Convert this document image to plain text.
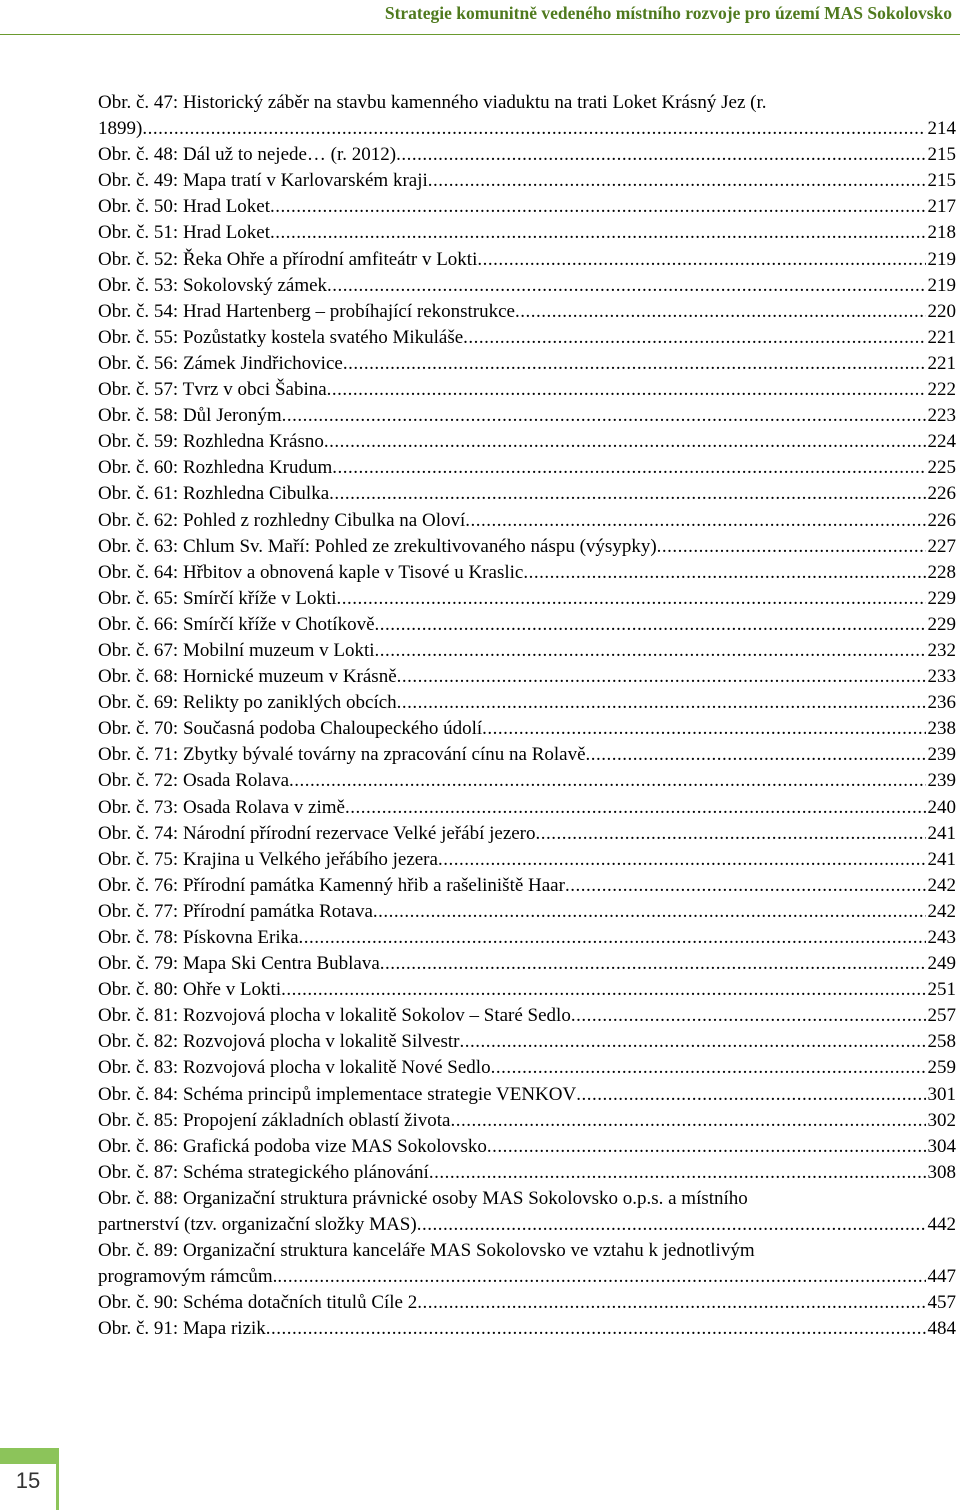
Strategie komunitně vedeného místního rozvoje pro území MAS Sokolovsko
Obr. č. 47: Historický záběr na stavbu kamenného viaduktu na trati Loket Krásný Jez (r.
1899) .....	214
Obr. č. 48: Dál už to nejede… (r. 2012) .....	215
Obr. č. 49: Mapa tratí v Karlovarském kraji .....	215
Obr. č. 50: Hrad Loket .....	217
Obr. č. 51: Hrad Loket .....	218
Obr. č. 52: Řeka Ohře a přírodní amfiteátr v Lokti .....	219
Obr. č. 53: Sokolovský zámek .....	219
Obr. č. 54: Hrad Hartenberg – probíhající rekonstrukce .....	220
Obr. č. 55: Pozůstatky kostela svatého Mikuláše .....	221
Obr. č. 56: Zámek Jindřichovice .....	221
Obr. č. 57: Tvrz v obci Šabina .....	222
Obr. č. 58: Důl Jeroným .....	223
Obr. č. 59: Rozhledna Krásno .....	224
Obr. č. 60: Rozhledna Krudum .....	225
Obr. č. 61: Rozhledna Cibulka .....	226
Obr. č. 62: Pohled z rozhledny Cibulka na Oloví .....	226
Obr. č. 63: Chlum Sv. Maří: Pohled ze zrekultivovaného náspu (výsypky) .....	227
Obr. č. 64: Hřbitov a obnovená kaple v Tisové u Kraslic .....	228
Obr. č. 65: Smírčí kříže v Lokti .....	229
Obr. č. 66: Smírčí kříže v Chotíkově .....	229
Obr. č. 67: Mobilní muzeum v Lokti .....	232
Obr. č. 68: Hornické muzeum v Krásně .....	233
Obr. č. 69: Relikty po zaniklých obcích .....	236
Obr. č. 70: Současná podoba Chaloupeckého údolí .....	238
Obr. č. 71: Zbytky bývalé továrny na zpracování cínu na Rolavě .....	239
Obr. č. 72: Osada Rolava .....	239
Obr. č. 73: Osada Rolava v zimě .....	240
Obr. č. 74: Národní přírodní rezervace Velké jeřábí jezero .....	241
Obr. č. 75: Krajina u Velkého jeřábího jezera .....	241
Obr. č. 76: Přírodní památka Kamenný hřib a rašeliniště Haar .....	242
Obr. č. 77: Přírodní památka Rotava .....	242
Obr. č. 78: Pískovna Erika .....	243
Obr. č. 79: Mapa Ski Centra Bublava .....	249
Obr. č. 80: Ohře v Lokti .....	251
Obr. č. 81: Rozvojová plocha v lokalitě Sokolov – Staré Sedlo .....	257
Obr. č. 82: Rozvojová plocha v lokalitě Silvestr .....	258
Obr. č. 83: Rozvojová plocha v lokalitě Nové Sedlo .....	259
Obr. č. 84: Schéma principů implementace strategie VENKOV .....	301
Obr. č. 85: Propojení základních oblastí života .....	302
Obr. č. 86: Grafická podoba vize MAS Sokolovsko .....	304
Obr. č. 87: Schéma strategického plánování .....	308
Obr. č. 88: Organizační struktura právnické osoby MAS Sokolovsko o.p.s. a místního
partnerství (tzv. organizační složky MAS) .....	442
Obr. č. 89: Organizační struktura kanceláře MAS Sokolovsko ve vztahu k jednotlivým
programovým rámcům. .....	447
Obr. č. 90: Schéma dotačních titulů Cíle 2 .....	457
Obr. č. 91: Mapa rizik .....	484
15
